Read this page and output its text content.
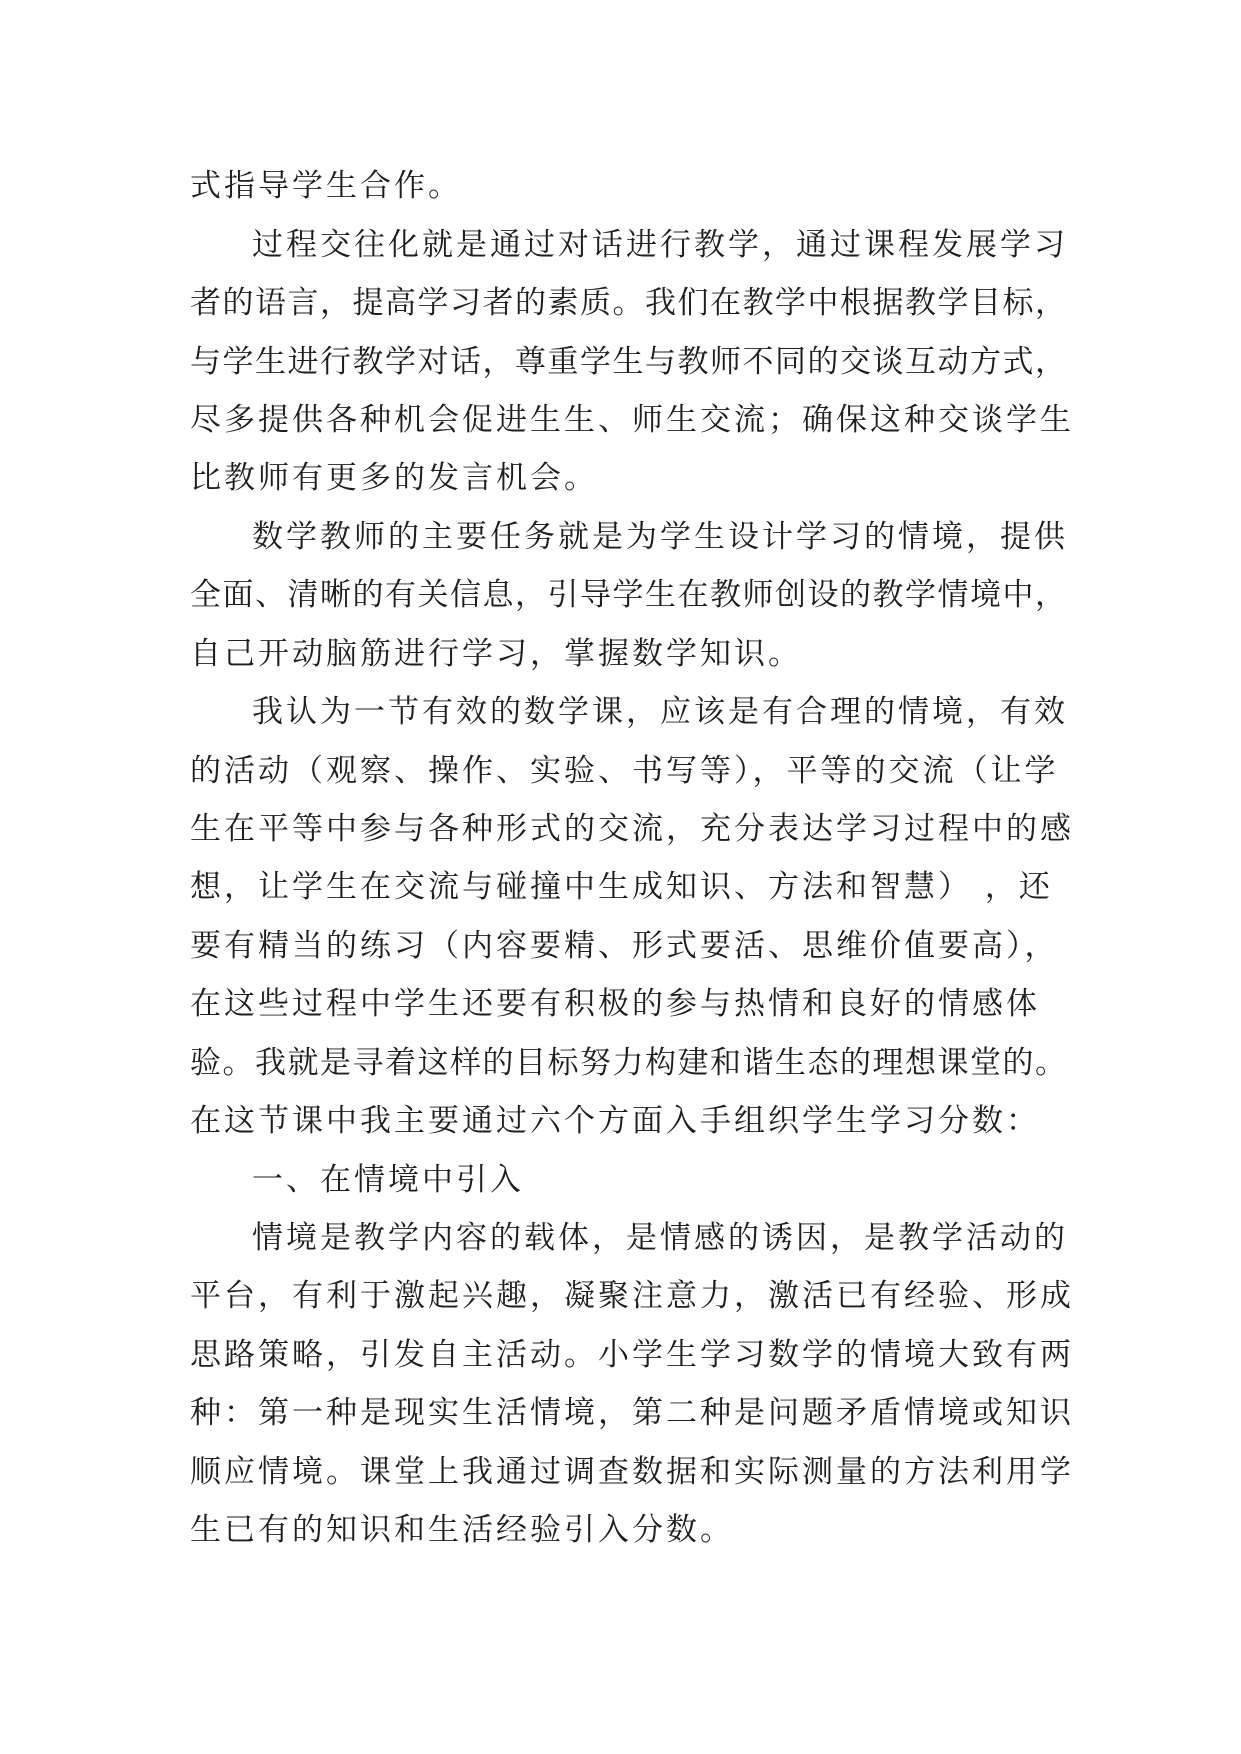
式指导学生合作。

过程交往化就是通过对话进行教学，通过课程发展学习

者的语言，提高学习者的素质。我们在教学中根据教学目标，

与学生进行教学对话，尊重学生与教师不同的交谈互动方式，

尽多提供各种机会促进生生、师生交流；确保这种交谈学生

比教师有更多的发言机会。

数学教师的主要任务就是为学生设计学习的情境，提供

全面、清晰的有关信息，引导学生在教师创设的教学情境中，

自己开动脑筋进行学习，掌握数学知识。

我认为一节有效的数学课，应该是有合理的情境，有效

的活动（观察、操作、实验、书写等），平等的交流（让学

生在平等中参与各种形式的交流，充分表达学习过程中的感

想，让学生在交流与碰撞中生成知识、方法和智慧） ，还

要有精当的练习（内容要精、形式要活、思维价值要高），

在这些过程中学生还要有积极的参与热情和良好的情感体

验。我就是寻着这样的目标努力构建和谐生态的理想课堂的。

在这节课中我主要通过六个方面入手组织学生学习分数：

一、在情境中引入

情境是教学内容的载体，是情感的诱因，是教学活动的

平台，有利于激起兴趣，凝聚注意力，激活已有经验、形成

思路策略，引发自主活动。小学生学习数学的情境大致有两

种：第一种是现实生活情境，第二种是问题矛盾情境或知识

顺应情境。课堂上我通过调查数据和实际测量的方法利用学

生已有的知识和生活经验引入分数。
